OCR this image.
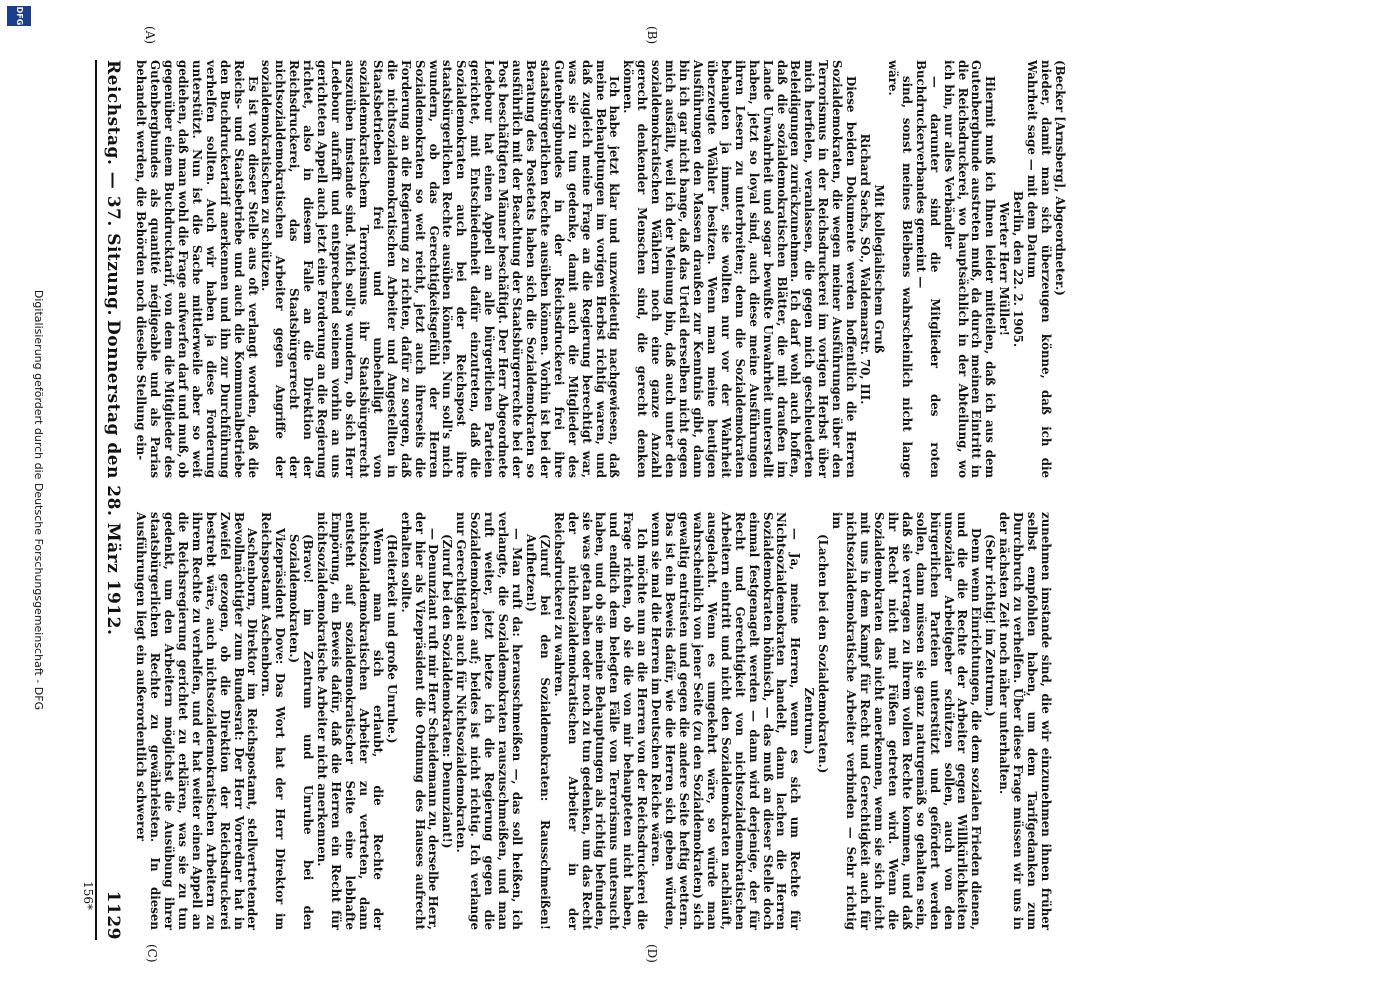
Reichstag. — 37. Sitzung.
Donnerstag den 28. März 1912.
1129
156*
(A)	(B)
(C)	(D)

(Becker [Arnsberg], Abgeordneter.)

nieder, damit man sich überzeugen könne, daß ich die Wahrheit sage — mit dem Datum

Berlin, den 22. 2. 1905.

Werter Herr Müller!

Hiermit muß ich Ihnen leider mitteilen, daß ich aus dem Gutenbergbunde austreten muß, da durch meinen Eintritt in die Reichsdruckerei, wo hauptsächlich in der Abteilung, wo ich bin, nur alles Verbändler

— darunter sind die Mitglieder des roten Buchdruckerverbandes gemeint —

sind, sonst meines Bleibens wahrscheinlich nicht lange wäre.

Mit kollegialischem Gruß

Richard Sachs, SO., Waldemarstr. 70, III.

Diese beiden Dokumente werden hoffentlich die Herren Sozialdemokraten, die wegen meiner Ausführungen über den Terrorismus in der Reichsdruckerei im vorigen Herbst über mich herfielen, veranlassen, die gegen mich geschleuderten Beleidigungen zurückzunehmen. Ich darf wohl auch hoffen, daß die sozialdemokratischen Blätter, die mit draußen im Lande Unwahrheit und sogar bewußte Unwahrheit unterstellt haben, jetzt so loyal sind, auch diese meine Ausführungen ihren Lesern zu unterbreiten; denn die Sozialdemokraten behaupten ja immer, sie wollten nur vor der Wahrheit überzeugte Wähler besitzen. Wenn man meine heutigen Ausführungen den Massen draußen zur Kenntnis gibt, dann bin ich gar nicht bange, daß das Urteil derselben nicht gegen mich ausfällt, weil ich der Meinung bin, daß auch unter den sozialdemokratischen Wählern noch eine ganze Anzahl gerecht denkender Menschen sind, die gerecht denken können.

Ich habe jetzt klar und unzweideutig nachgewiesen, daß meine Behauptungen im vorigen Herbst richtig waren, und daß zugleich meine Frage an die Regierung berechtigt war, was sie zu tun gedenke, damit auch die Mitglieder des Gutenbergbundes in der Reichsdruckerei frei ihre staatsbürgerlichen Rechte ausüben können. Vorhin ist bei der Beratung des Postetats haben sich die Sozialdemokraten so ausführlich mit der Beachtung der Staatsbürgerrechte bei der Post beschäftigten Männer beschäftigt. Der Herr Abgeordnete Ledebour hat einen Appell an alle bürgerlichen Parteien gerichtet, mit Entschiedenheit dafür einzutreten, daß die Sozialdemokraten auch bei der Reichspost ihre staatsbürgerlichen Rechte ausüben könnten. Nun soll's mich wundern, ob das Gerechtigkeitsgefühl der Herren Sozialdemokraten so weit reicht, jetzt auch ihrerseits die Forderung an die Regierung zu richten, dafür zu sorgen, daß die nichtsozialdemokratischen Arbeiter und Angestellten in Staatsbetrieben frei und unbehelligt von sozialdemokratischem Terrorismus ihr Staatsbürgerrecht auszuüben imstande sind. Mich soll's wundern, ob sich Herr Ledebour aufrafft und entsprechend seinem vorhin an uns gerichteten Appell auch jetzt eine Forderung an die Regierung richtet, also in diesem Falle an die Direktion der Reichsdruckerei, das Staatsbürgerrecht der nichtsozialdemokratischen Arbeiter gegen Angriffe der sozialdemokratischen zu schützen.

Es ist von dieser Stelle aus oft verlangt worden, daß die Reichs- und Staatsbetriebe und auch die Kommunalbetriebe den Buchdruckertarif anerkennen und ihn zur Durchführung verhelfen sollten. Auch wir haben ja diese Forderung unterstützt. Nun ist die Sache mittlerweile aber so weit gediehen, daß man wohl die Frage aufwerfen darf und muß, ob gegenüber einem Buchdrucktarif, von dem die Mitglieder des Gutenbergbundes als quantité négligeable und als Parias behandelt werden, die Behörden noch dieselbe Stellung ein-

zunehmen imstande sind, die wir einzunehmen ihnen früher selbst empfohlen haben, um dem Tarifgedanken zum Durchbruch zu verhelfen. Über diese Frage müssen wir uns in der nächsten Zeit noch näher unterhalten.

(Sehr richtig! im Zentrum.)

Denn wenn Einrichtungen, die dem sozialen Frieden dienen, und die die Rechte der Arbeiter gegen Willkürlichkeiten unsozialer Arbeitgeber schützen sollen, auch von den bürgerlichen Parteien unterstützt und gefördert werden sollen, dann müssen sie ganz naturgemäß so gehalten sein, daß sie vertragen zu ihrem vollen Rechte kommen, und daß ihr Recht nicht mit Füßen getreten wird. Wenn die Sozialdemokraten das nicht anerkennen, wenn sie sich nicht mit uns in dem Kampf für Recht und Gerechtigkeit auch für nichtsozialdemokratische Arbeiter verbinden — Sehr richtig im

(Lachen bei den Sozialdemokraten.)

Zentrum.)

— Ja, meine Herren, wenn es sich um Rechte für Nichtsozialdemokraten handelt, dann lachen die Herren Sozialdemokraten höhnisch, — das muß an dieser Stelle doch einmal festgenagelt werden — dann wird derjenige, der für Recht und Gerechtigkeit von nichtsozialdemokratischen Arbeitern eintritt und nicht den Sozialdemokraten nachläuft, ausgelacht. Wenn es umgekehrt wäre, so würde man wahrscheinlich von jener Seite (zu den Sozialdemokraten) sich gewaltig entrüsten und gegen die andere Seite heftig wettern. Das ist ein Beweis dafür, wie die Herren sich geben würden, wenn sie mal die Herren im Deutschen Reiche wären.

Ich möchte nun an die Herren von der Reichsdruckerei die Frage richten, ob sie die von mir behaupteten nicht haben, und endlich dem belegten Fälle von Terrorismus untersucht haben, und ob sie meine Behauptungen als richtig befunden, sie was getan haben oder noch zu tun gedenken, um das Recht der nichtsozialdemokratischen Arbeiter in der Reichsdruckerei zu wahren.

(Zuruf bei den Sozialdemokraten: Rausschmeißen! Aufhetzen!)

— Man ruft da: herausschmeißen —, das soll heißen, ich verlangte, die Sozialdemokraten rauszuschmeißen, und man ruft weiter, jetzt hetze ich die Regierung gegen die Sozialdemokraten auf; beides ist nicht richtig. Ich verlange nur Gerechtigkeit auch für Nichtsozialdemokraten.

(Zuruf bei den Sozialdemokraten: Denunziant!)

— Denunziant ruft mir Herr Scheidemann zu, derselbe Herr, der hier als Vizepräsident die Ordnung des Hauses aufrecht erhalten sollte.

(Heiterkeit und große Unruhe.)

Wenn man sich erlaubt, die Rechte der nichtsozialdemokratischen Arbeiter zu vertreten, dann entsteht auf sozialdemokratischer Seite eine lebhafte Empörung, ein Beweis dafür, daß die Herren ein Recht für nichtsozialdemokratische Arbeiter nicht anerkennen.

(Bravo! im Zentrum und Unruhe bei den Sozialdemokraten.)

Vizepräsident Dove: Das Wort hat der Herr Direktor im Reichspostamt Aschenborn.

Aschenborn, Direktor im Reichspostamt, stellvertretender Bevollmächtigter zum Bundesrat: Der Herr Vorredner hat in Zweifel gezogen, ob die Direktion der Reichsdruckerei bestrebt wäre, auch nichtsozialdemokratischen Arbeitern zu ihrem Rechte zu verhelfen, und er hat weiter einen Appell an die Reichsregierung gerichtet zu erklären, was sie zu tun gedenkt, um den Arbeitern möglichst die Ausübung ihrer staatsbürgerlichen Rechte zu gewährleisten. In diesen Ausführungen liegt ein außerordentlich schwerer

Digitalisierung gefördert durch die Deutsche Forschungsgemeinschaft - DFG
DFG
